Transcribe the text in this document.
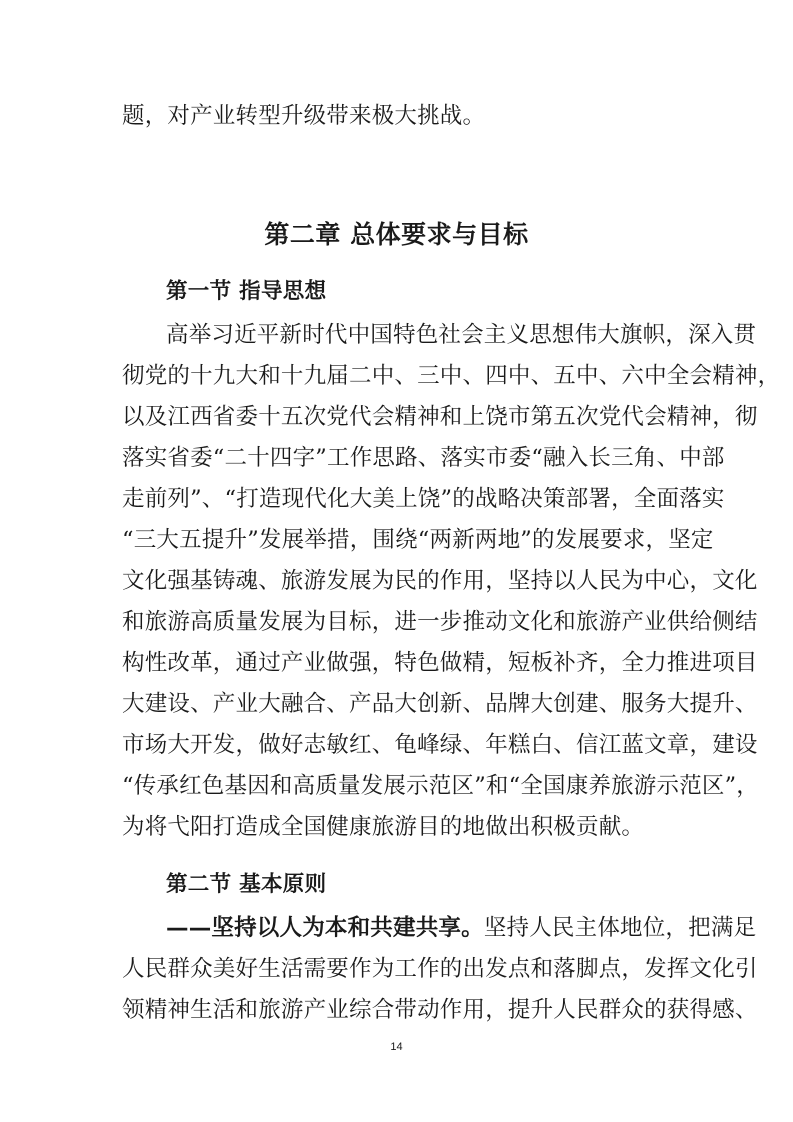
题，对产业转型升级带来极大挑战。
第二章 总体要求与目标
第一节 指导思想
高举习近平新时代中国特色社会主义思想伟大旗帜，深入贯
彻党的十九大和十九届二中、三中、四中、五中、六中全会精神，
以及江西省委十五次党代会精神和上饶市第五次党代会精神，彻
落实省委“二十四字”工作思路、落实市委“融入长三角、中部
走前列”、“打造现代化大美上饶”的战略决策部署，全面落实
“三大五提升”发展举措，围绕“两新两地”的发展要求，坚定
文化强基铸魂、旅游发展为民的作用，坚持以人民为中心，文化
和旅游高质量发展为目标，进一步推动文化和旅游产业供给侧结
构性改革，通过产业做强，特色做精，短板补齐，全力推进项目
大建设、产业大融合、产品大创新、品牌大创建、服务大提升、
市场大开发，做好志敏红、龟峰绿、年糕白、信江蓝文章，建设
“传承红色基因和高质量发展示范区”和“全国康养旅游示范区”，
为将弋阳打造成全国健康旅游目的地做出积极贡献。
第二节 基本原则
——坚持以人为本和共建共享。坚持人民主体地位，把满足
人民群众美好生活需要作为工作的出发点和落脚点，发挥文化引
领精神生活和旅游产业综合带动作用，提升人民群众的获得感、
14
